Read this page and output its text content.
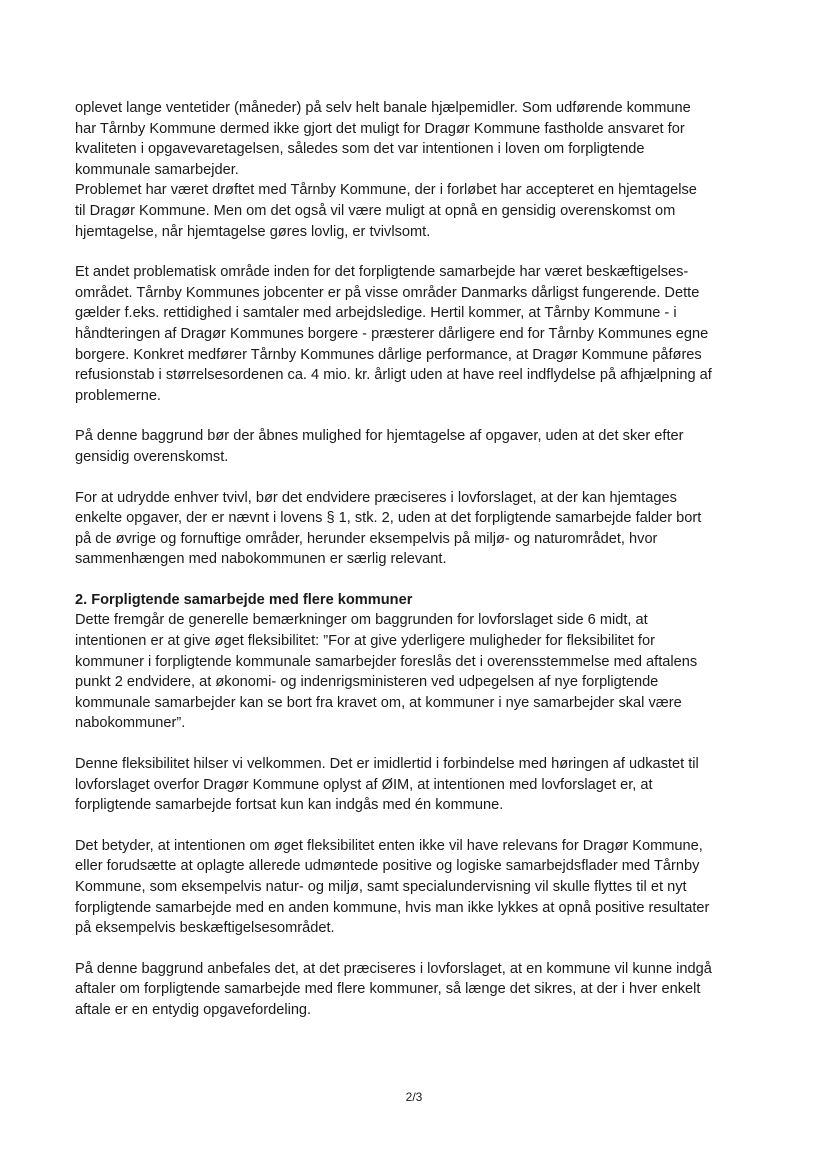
oplevet lange ventetider (måneder) på selv helt banale hjælpemidler. Som udførende kommune
har Tårnby Kommune dermed ikke gjort det muligt for Dragør Kommune fastholde ansvaret for
kvaliteten i opgavevaretagelsen, således som det var intentionen i loven om forpligtende
kommunale samarbejder.
Problemet har været drøftet med Tårnby Kommune, der i forløbet har accepteret en hjemtagelse
til Dragør Kommune. Men om det også vil være muligt at opnå en gensidig overenskomst om
hjemtagelse, når hjemtagelse gøres lovlig, er tvivlsomt.
Et andet problematisk område inden for det forpligtende samarbejde har været beskæftigelses-
området. Tårnby Kommunes jobcenter er på visse områder Danmarks dårligst fungerende. Dette
gælder f.eks. rettidighed i samtaler med arbejdsledige. Hertil kommer, at Tårnby Kommune - i
håndteringen af Dragør Kommunes borgere - præsterer dårligere end for Tårnby Kommunes egne
borgere. Konkret medfører Tårnby Kommunes dårlige performance, at Dragør Kommune påføres
refusionstab i størrelsesordenen ca. 4 mio. kr. årligt uden at have reel indflydelse på afhjælpning af
problemerne.
På denne baggrund bør der åbnes mulighed for hjemtagelse af opgaver, uden at det sker efter
gensidig overenskomst.
For at udrydde enhver tvivl, bør det endvidere præciseres i lovforslaget, at der kan hjemtages
enkelte opgaver, der er nævnt i lovens § 1, stk. 2, uden at det forpligtende samarbejde falder bort
på de øvrige og fornuftige områder, herunder eksempelvis på miljø- og naturområdet, hvor
sammenhængen med nabokommunen er særlig relevant.
2. Forpligtende samarbejde med flere kommuner
Dette fremgår de generelle bemærkninger om baggrunden for lovforslaget side 6 midt, at
intentionen er at give øget fleksibilitet: ”For at give yderligere muligheder for fleksibilitet for
kommuner i forpligtende kommunale samarbejder foreslås det i overensstemmelse med aftalens
punkt 2 endvidere, at økonomi- og indenrigsministeren ved udpegelsen af nye forpligtende
kommunale samarbejder kan se bort fra kravet om, at kommuner i nye samarbejder skal være
nabokommuner”.
Denne fleksibilitet hilser vi velkommen. Det er imidlertid i forbindelse med høringen af udkastet til
lovforslaget overfor Dragør Kommune oplyst af ØIM, at intentionen med lovforslaget er, at
forpligtende samarbejde fortsat kun kan indgås med én kommune.
Det betyder, at intentionen om øget fleksibilitet enten ikke vil have relevans for Dragør Kommune,
eller forudsætte at oplagte allerede udmøntede positive og logiske samarbejdsflader med Tårnby
Kommune, som eksempelvis natur- og miljø, samt specialundervisning vil skulle flyttes til et nyt
forpligtende samarbejde med en anden kommune, hvis man ikke lykkes at opnå positive resultater
på eksempelvis beskæftigelsesområdet.
På denne baggrund anbefales det, at det præciseres i lovforslaget, at en kommune vil kunne indgå
aftaler om forpligtende samarbejde med flere kommuner, så længe det sikres, at der i hver enkelt
aftale er en entydig opgavefordeling.
2/3
